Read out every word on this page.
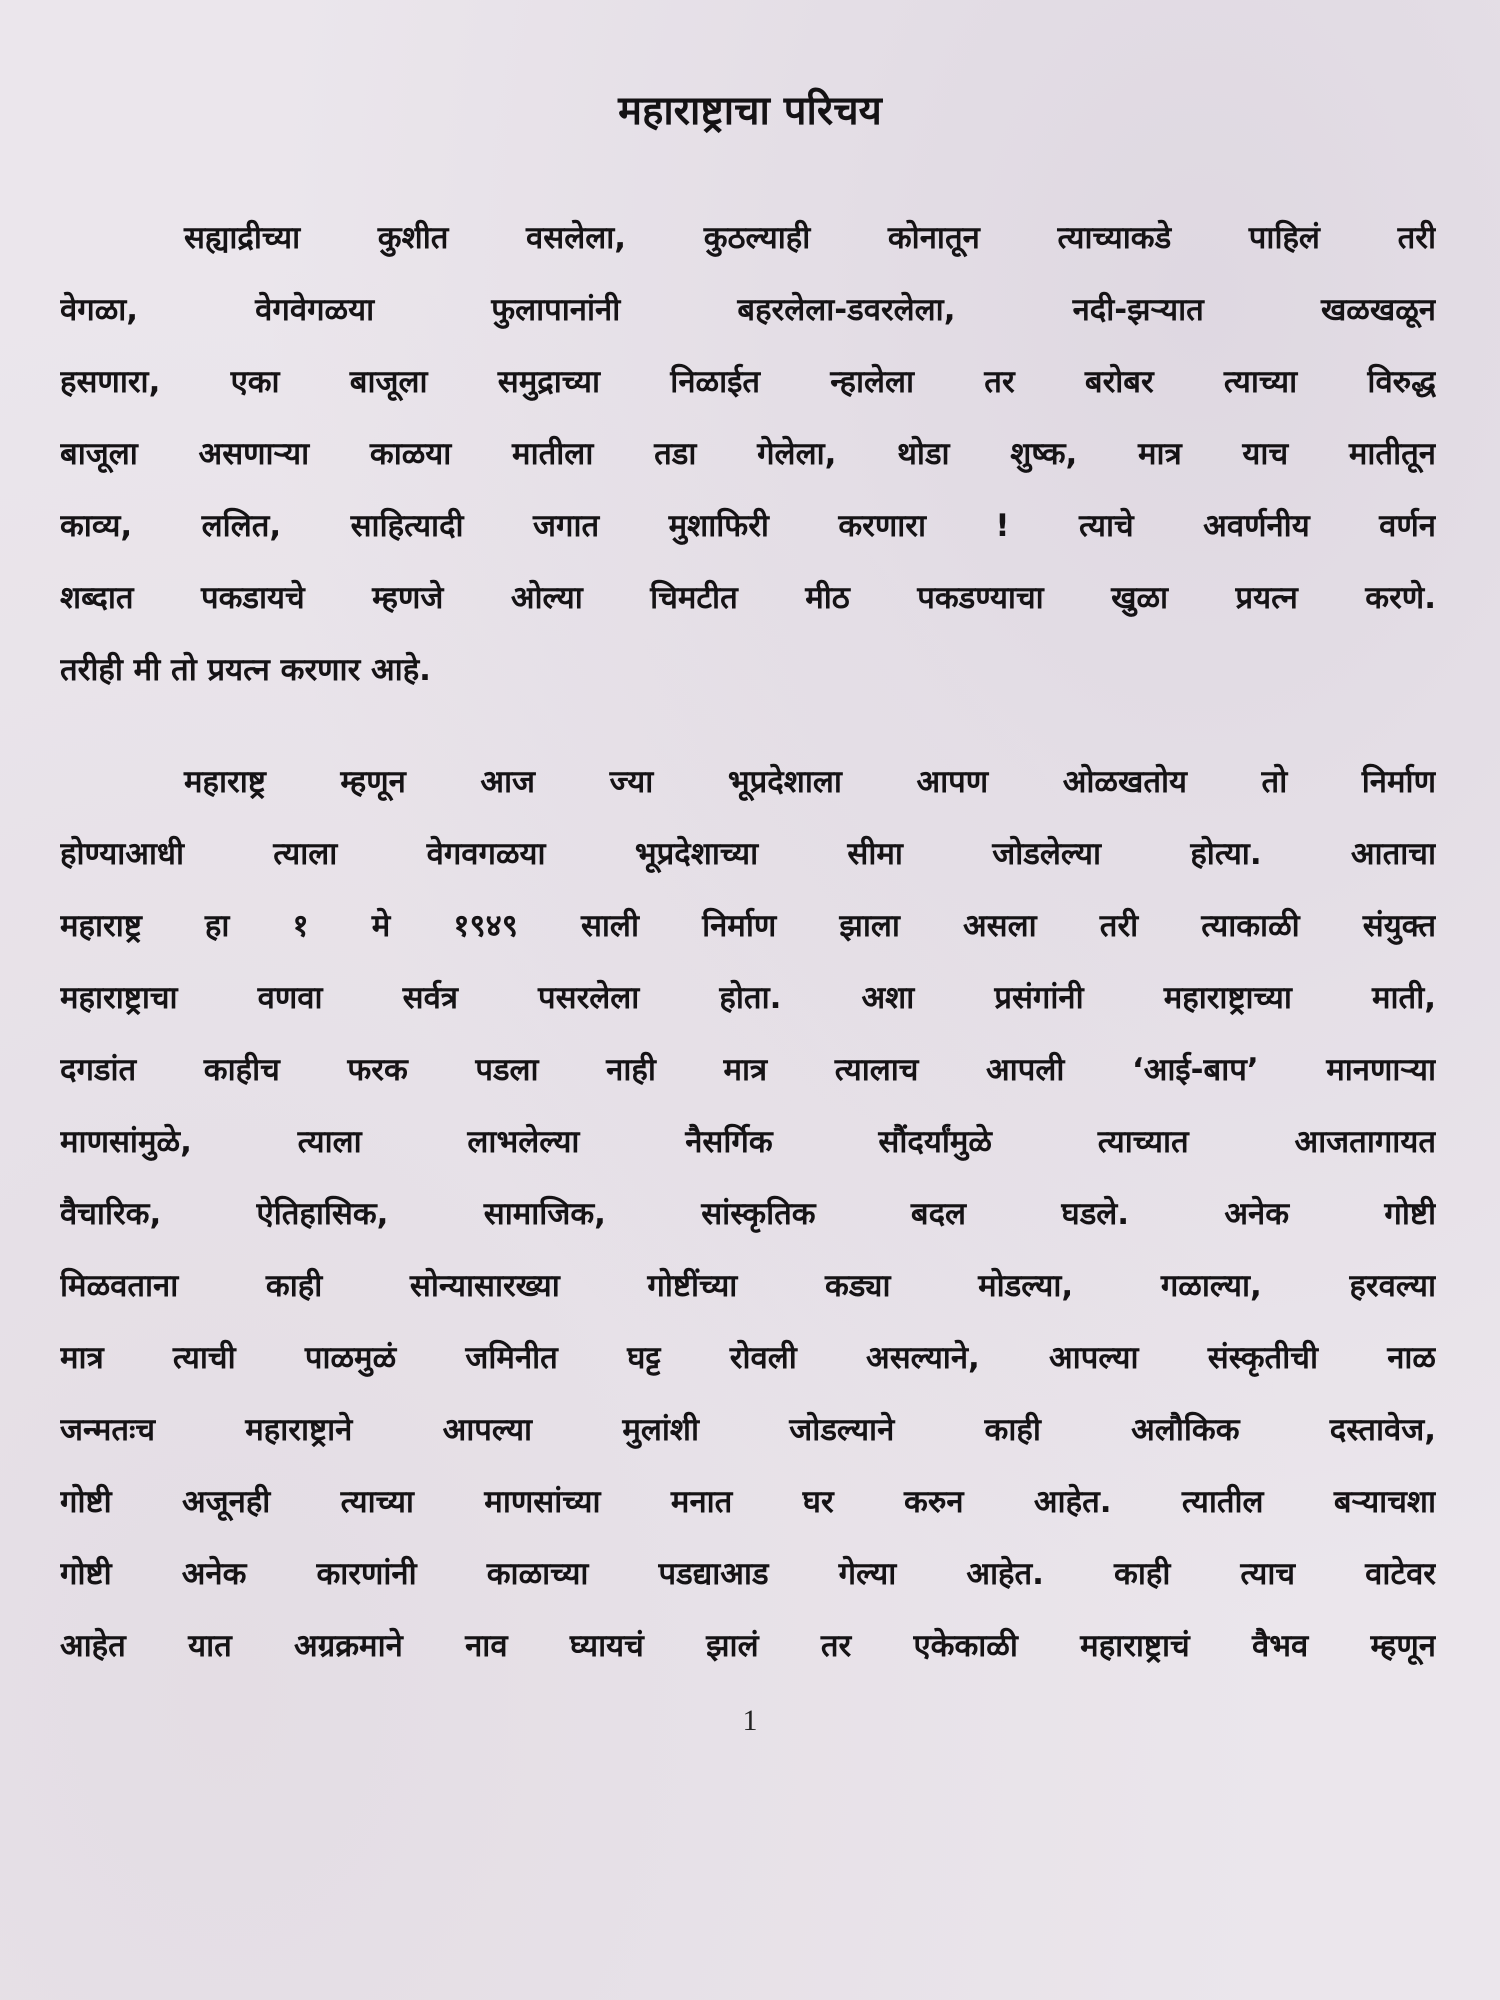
महाराष्ट्राचा परिचय
सह्याद्रीच्या कुशीत वसलेला, कुठल्याही कोनातून त्याच्याकडे पाहिलं तरी
वेगळा, वेगवेगळया फुलापानांनी बहरलेला-डवरलेला, नदी-झऱ्यात खळखळून
हसणारा, एका बाजूला समुद्राच्या निळाईत न्हालेला तर बरोबर त्याच्या विरुद्ध
बाजूला असणाऱ्या काळया मातीला तडा गेलेला, थोडा शुष्क, मात्र याच मातीतून
काव्य, ललित, साहित्यादी जगात मुशाफिरी करणारा ! त्याचे अवर्णनीय वर्णन
शब्दात पकडायचे म्हणजे ओल्या चिमटीत मीठ पकडण्याचा खुळा प्रयत्न करणे.
तरीही मी तो प्रयत्न करणार आहे.
महाराष्ट्र म्हणून आज ज्या भूप्रदेशाला आपण ओळखतोय तो निर्माण
होण्याआधी त्याला वेगवगळया भूप्रदेशाच्या सीमा जोडलेल्या होत्या. आताचा
महाराष्ट्र हा १ मे १९४९ साली निर्माण झाला असला तरी त्याकाळी संयुक्त
महाराष्ट्राचा वणवा सर्वत्र पसरलेला होता. अशा प्रसंगांनी महाराष्ट्राच्या माती,
दगडांत काहीच फरक पडला नाही मात्र त्यालाच आपली ‘आई-बाप’ मानणाऱ्या
माणसांमुळे, त्याला लाभलेल्या नैसर्गिक सौंदर्यांमुळे त्याच्यात आजतागायत
वैचारिक, ऐतिहासिक, सामाजिक, सांस्कृतिक बदल घडले. अनेक गोष्टी
मिळवताना काही सोन्यासारख्या गोष्टींच्या कड्या मोडल्या, गळाल्या, हरवल्या
मात्र त्याची पाळमुळं जमिनीत घट्ट रोवली असल्याने, आपल्या संस्कृतीची नाळ
जन्मतःच महाराष्ट्राने आपल्या मुलांशी जोडल्याने काही अलौकिक दस्तावेज,
गोष्टी अजूनही त्याच्या माणसांच्या मनात घर करुन आहेत. त्यातील बऱ्याचशा
गोष्टी अनेक कारणांनी काळाच्या पडद्याआड गेल्या आहेत. काही त्याच वाटेवर
आहेत यात अग्रक्रमाने नाव घ्यायचं झालं तर एकेकाळी महाराष्ट्राचं वैभव म्हणून
1
